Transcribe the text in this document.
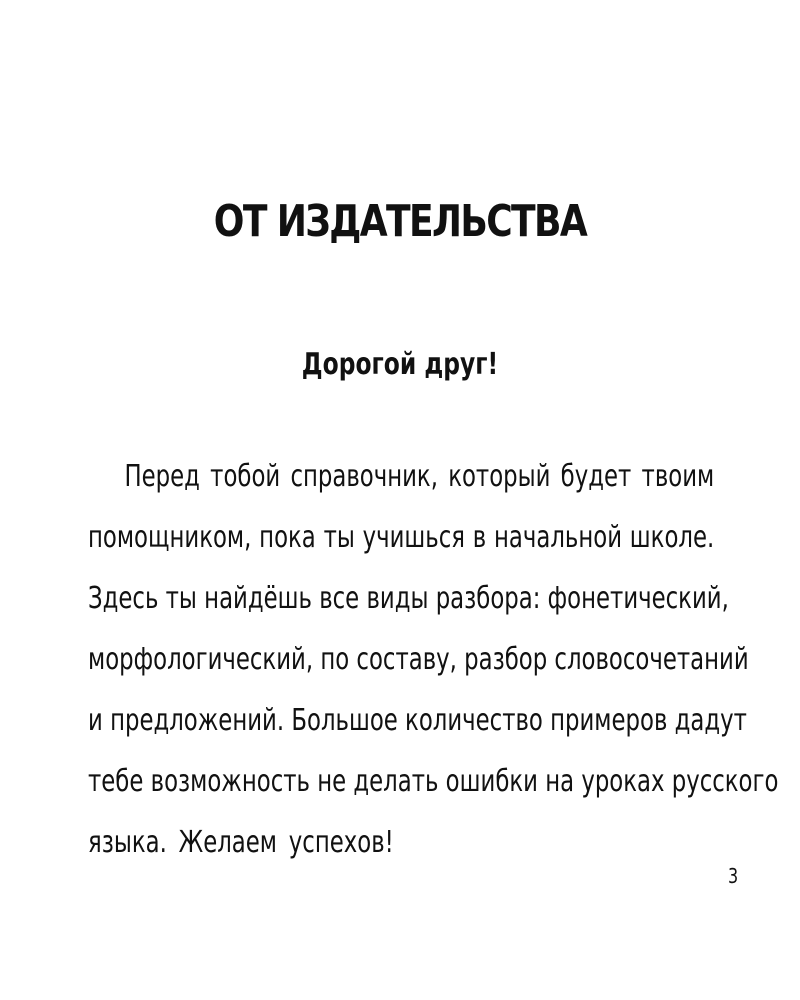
ОТ ИЗДАТЕЛЬСТВА
Дорогой друг!
Перед тобой справочник, который будет твоим
помощником, пока ты учишься в начальной школе.
Здесь ты найдёшь все виды разбора: фонетический,
морфологический, по составу, разбор словосочетаний
и предложений. Большое количество примеров дадут
тебе возможность не делать ошибки на уроках русского
языка. Желаем успехов!
3
